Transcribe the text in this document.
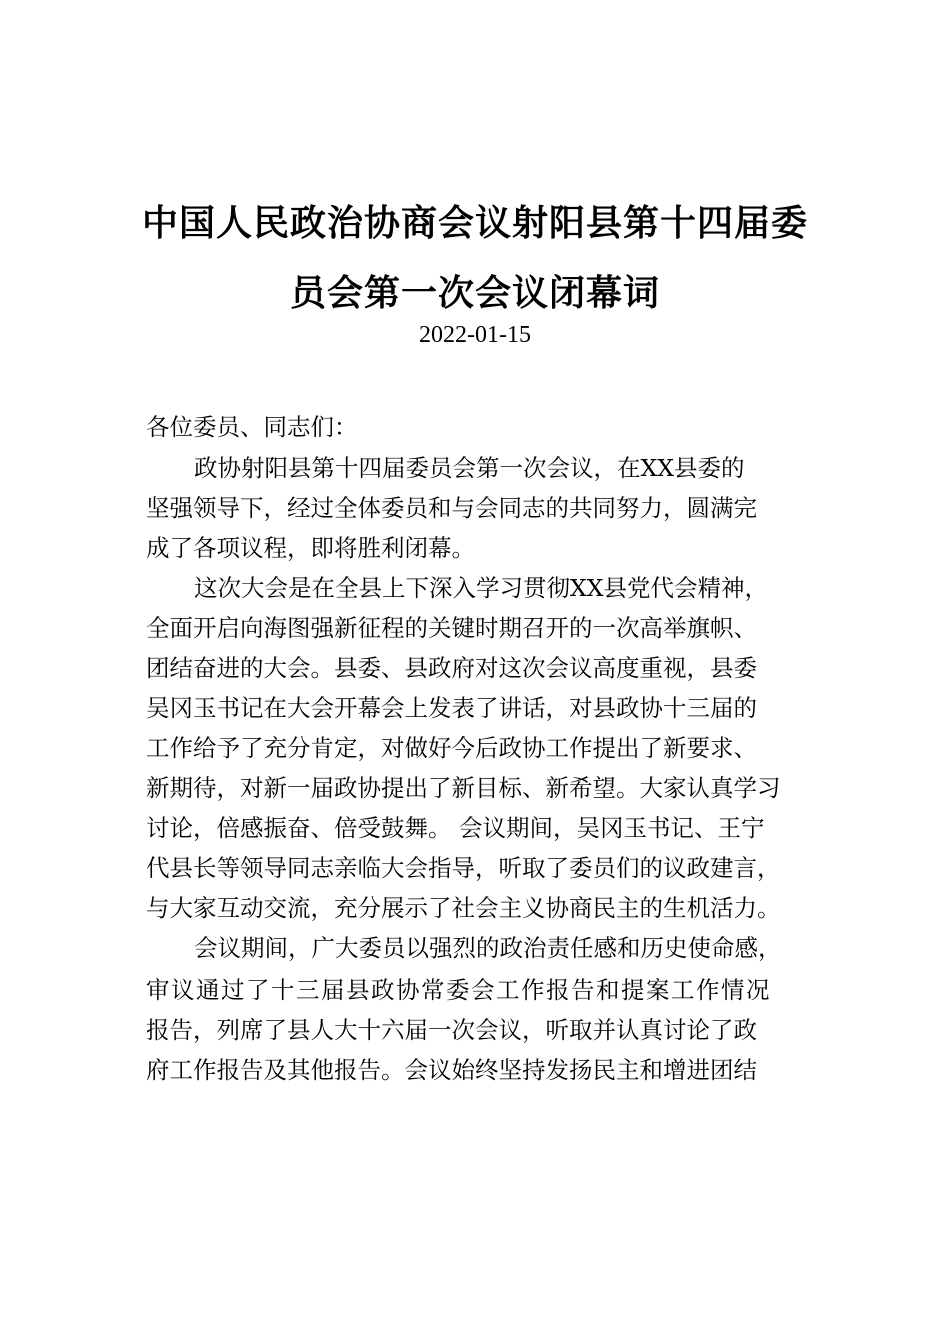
中国人民政治协商会议射阳县第十四届委
员会第一次会议闭幕词
2022-01-15
各位委员、同志们：
政协射阳县第十四届委员会第一次会议，在XX县委的
坚强领导下，经过全体委员和与会同志的共同努力，圆满完
成了各项议程，即将胜利闭幕。
这次大会是在全县上下深入学习贯彻XX县党代会精神，
全面开启向海图强新征程的关键时期召开的一次高举旗帜、
团结奋进的大会。县委、县政府对这次会议高度重视，县委
吴冈玉书记在大会开幕会上发表了讲话，对县政协十三届的
工作给予了充分肯定，对做好今后政协工作提出了新要求、
新期待，对新一届政协提出了新目标、新希望。大家认真学习
讨论，倍感振奋、倍受鼓舞。 会议期间，吴冈玉书记、王宁
代县长等领导同志亲临大会指导，听取了委员们的议政建言，
与大家互动交流，充分展示了社会主义协商民主的生机活力。
会议期间，广大委员以强烈的政治责任感和历史使命感，
审议通过了十三届县政协常委会工作报告和提案工作情况
报告，列席了县人大十六届一次会议，听取并认真讨论了政
府工作报告及其他报告。会议始终坚持发扬民主和增进团结
